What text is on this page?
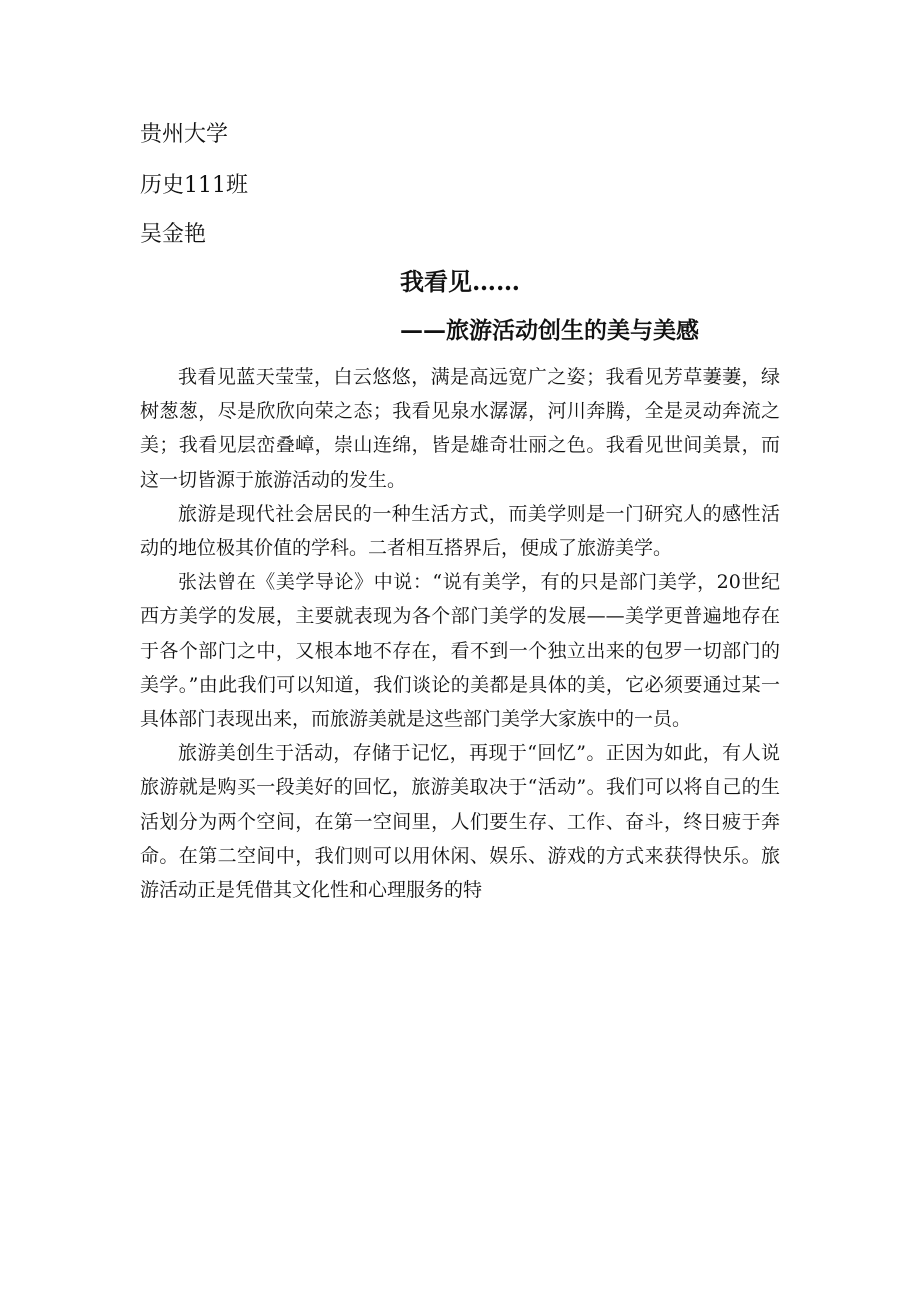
贵州大学
历史111班
吴金艳
我看见……
——旅游活动创生的美与美感

我看见蓝天莹莹，白云悠悠，满是高远宽广之姿；我看见芳草萋萋，绿树葱葱，尽是欣欣向荣之态；我看见泉水潺潺，河川奔腾，全是灵动奔流之美；我看见层峦叠嶂，崇山连绵，皆是雄奇壮丽之色。我看见世间美景，而这一切皆源于旅游活动的发生。

旅游是现代社会居民的一种生活方式，而美学则是一门研究人的感性活动的地位极其价值的学科。二者相互搭界后，便成了旅游美学。

张法曾在《美学导论》中说：“说有美学，有的只是部门美学，20世纪西方美学的发展，主要就表现为各个部门美学的发展——美学更普遍地存在于各个部门之中，又根本地不存在，看不到一个独立出来的包罗一切部门的美学。”由此我们可以知道，我们谈论的美都是具体的美，它必须要通过某一具体部门表现出来，而旅游美就是这些部门美学大家族中的一员。

旅游美创生于活动，存储于记忆，再现于“回忆”。正因为如此，有人说旅游就是购买一段美好的回忆，旅游美取决于“活动”。我们可以将自己的生活划分为两个空间，在第一空间里，人们要生存、工作、奋斗，终日疲于奔命。在第二空间中，我们则可以用休闲、娱乐、游戏的方式来获得快乐。旅游活动正是凭借其文化性和心理服务的特
